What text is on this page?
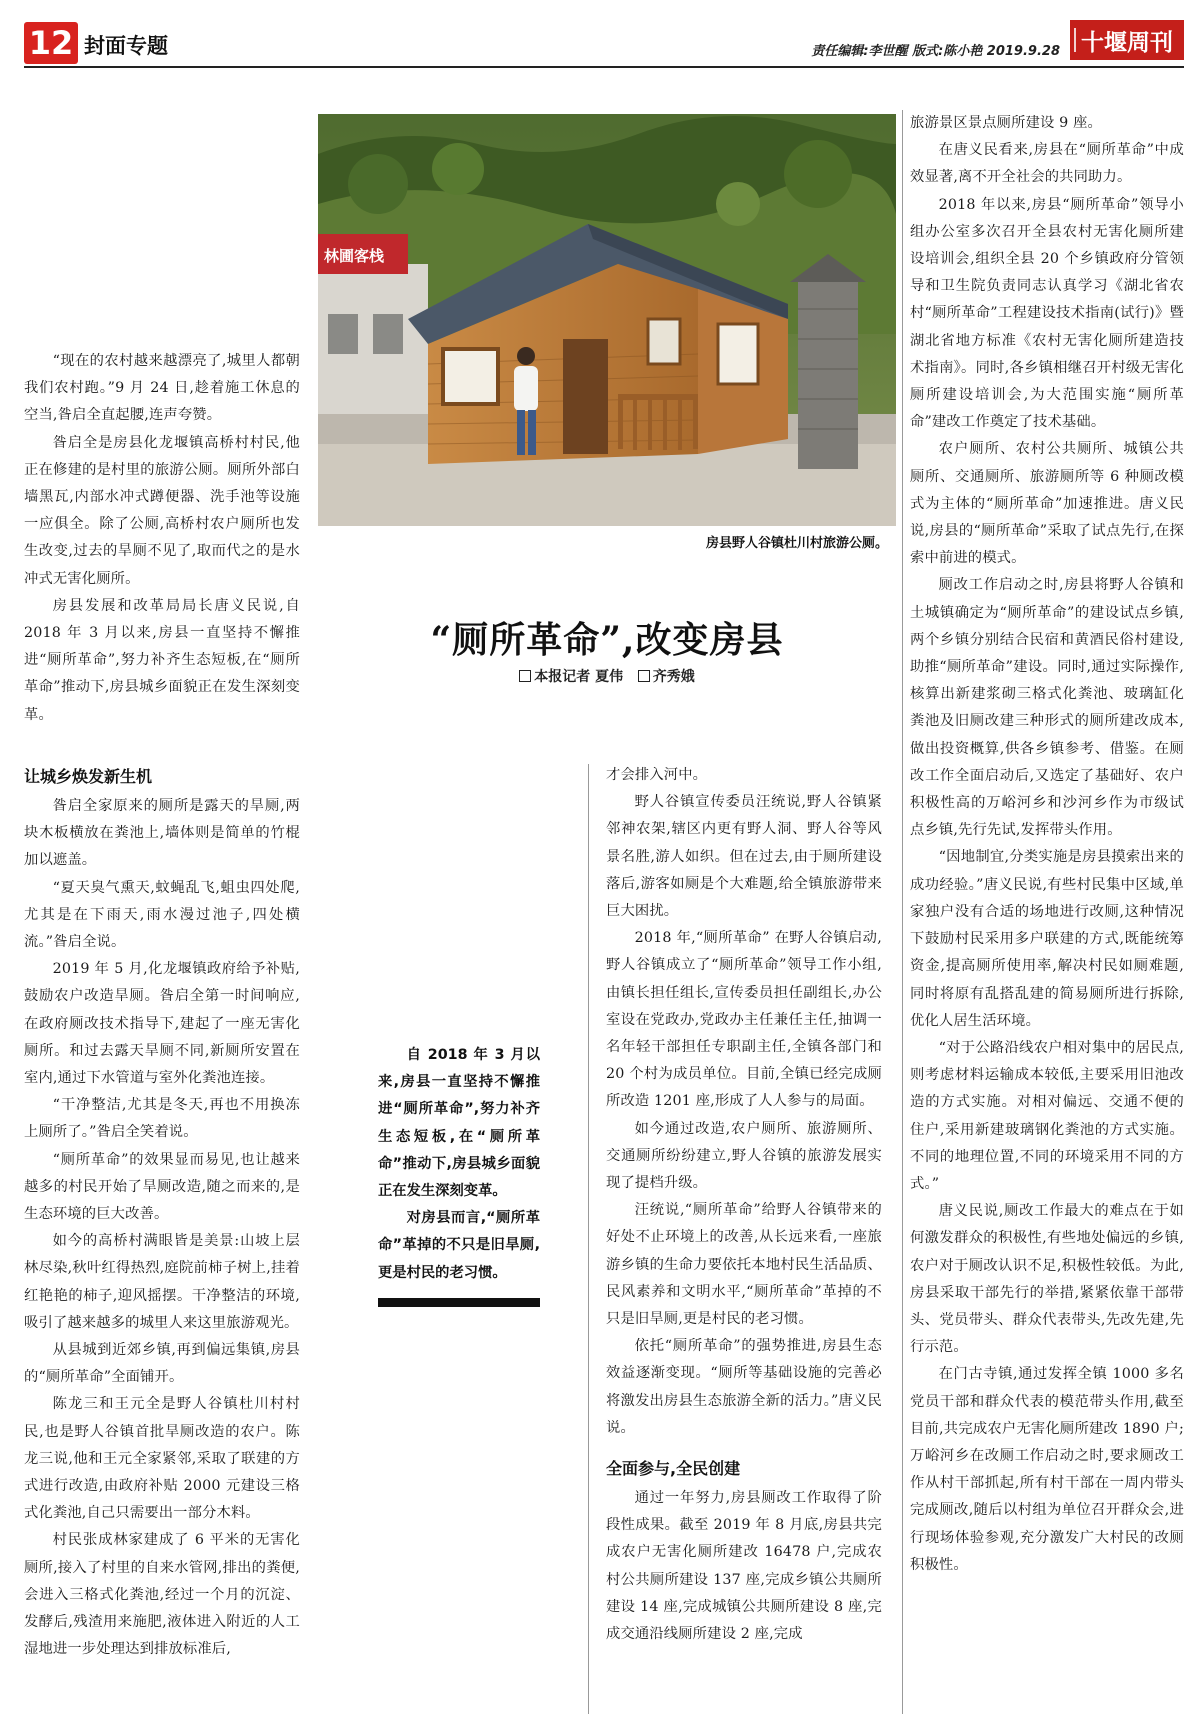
12 封面专题	责任编辑:李世醒 版式:陈小艳 2019.9.28 十堰周刊
林圃客栈
房县野人谷镇杜川村旅游公厕。
“厕所革命”,改变房县
本报记者 夏伟 齐秀娥

“现在的农村越来越漂亮了,城里人都朝我们农村跑。”9 月 24 日,趁着施工休息的空当,昝启全直起腰,连声夸赞。

昝启全是房县化龙堰镇高桥村村民,他正在修建的是村里的旅游公厕。厕所外部白墙黑瓦,内部水冲式蹲便器、洗手池等设施一应俱全。除了公厕,高桥村农户厕所也发生改变,过去的旱厕不见了,取而代之的是水冲式无害化厕所。

房县发展和改革局局长唐义民说,自 2018 年 3 月以来,房县一直坚持不懈推进“厕所革命”,努力补齐生态短板,在“厕所革命”推动下,房县城乡面貌正在发生深刻变革。

让城乡焕发新生机

昝启全家原来的厕所是露天的旱厕,两块木板横放在粪池上,墙体则是简单的竹棍加以遮盖。

“夏天臭气熏天,蚊蝇乱飞,蛆虫四处爬,尤其是在下雨天,雨水漫过池子,四处横流。”昝启全说。

2019 年 5 月,化龙堰镇政府给予补贴,鼓励农户改造旱厕。昝启全第一时间响应,在政府厕改技术指导下,建起了一座无害化厕所。和过去露天旱厕不同,新厕所安置在室内,通过下水管道与室外化粪池连接。

“干净整洁,尤其是冬天,再也不用换冻上厕所了。”昝启全笑着说。

“厕所革命”的效果显而易见,也让越来越多的村民开始了旱厕改造,随之而来的,是生态环境的巨大改善。

如今的高桥村满眼皆是美景:山坡上层林尽染,秋叶红得热烈,庭院前柿子树上,挂着红艳艳的柿子,迎风摇摆。干净整洁的环境,吸引了越来越多的城里人来这里旅游观光。

从县城到近郊乡镇,再到偏远集镇,房县的“厕所革命”全面铺开。

陈龙三和王元全是野人谷镇杜川村村民,也是野人谷镇首批旱厕改造的农户。陈龙三说,他和王元全家紧邻,采取了联建的方式进行改造,由政府补贴 2000 元建设三格式化粪池,自己只需要出一部分木料。

村民张成林家建成了 6 平米的无害化厕所,接入了村里的自来水管网,排出的粪便,会进入三格式化粪池,经过一个月的沉淀、发酵后,残渣用来施肥,液体进入附近的人工湿地进一步处理达到排放标准后,

自 2018 年 3 月以来,房县一直坚持不懈推进“厕所革命”,努力补齐生态短板,在“厕所革命”推动下,房县城乡面貌正在发生深刻变革。

对房县而言,“厕所革命”革掉的不只是旧旱厕,更是村民的老习惯。

才会排入河中。

野人谷镇宣传委员汪统说,野人谷镇紧邻神农架,辖区内更有野人洞、野人谷等风景名胜,游人如织。但在过去,由于厕所建设落后,游客如厕是个大难题,给全镇旅游带来巨大困扰。

2018 年,“厕所革命” 在野人谷镇启动,野人谷镇成立了“厕所革命”领导工作小组,由镇长担任组长,宣传委员担任副组长,办公室设在党政办,党政办主任兼任主任,抽调一名年轻干部担任专职副主任,全镇各部门和 20 个村为成员单位。目前,全镇已经完成厕所改造 1201 座,形成了人人参与的局面。

如今通过改造,农户厕所、旅游厕所、交通厕所纷纷建立,野人谷镇的旅游发展实现了提档升级。

汪统说,“厕所革命”给野人谷镇带来的好处不止环境上的改善,从长远来看,一座旅游乡镇的生命力要依托本地村民生活品质、民风素养和文明水平,“厕所革命”革掉的不只是旧旱厕,更是村民的老习惯。

依托“厕所革命”的强势推进,房县生态效益逐渐变现。“厕所等基础设施的完善必将激发出房县生态旅游全新的活力。”唐义民说。

全面参与,全民创建

通过一年努力,房县厕改工作取得了阶段性成果。截至 2019 年 8 月底,房县共完成农户无害化厕所建改 16478 户,完成农村公共厕所建设 137 座,完成乡镇公共厕所建设 14 座,完成城镇公共厕所建设 8 座,完成交通沿线厕所建设 2 座,完成

旅游景区景点厕所建设 9 座。

在唐义民看来,房县在“厕所革命”中成效显著,离不开全社会的共同助力。

2018 年以来,房县“厕所革命”领导小组办公室多次召开全县农村无害化厕所建设培训会,组织全县 20 个乡镇政府分管领导和卫生院负责同志认真学习《湖北省农村“厕所革命”工程建设技术指南(试行)》暨湖北省地方标准《农村无害化厕所建造技术指南》。同时,各乡镇相继召开村级无害化厕所建设培训会,为大范围实施“厕所革命”建改工作奠定了技术基础。

农户厕所、农村公共厕所、城镇公共厕所、交通厕所、旅游厕所等 6 种厕改模式为主体的“厕所革命”加速推进。唐义民说,房县的“厕所革命”采取了试点先行,在探索中前进的模式。

厕改工作启动之时,房县将野人谷镇和土城镇确定为“厕所革命”的建设试点乡镇,两个乡镇分别结合民宿和黄酒民俗村建设,助推“厕所革命”建设。同时,通过实际操作,核算出新建浆砌三格式化粪池、玻璃缸化粪池及旧厕改建三种形式的厕所建改成本,做出投资概算,供各乡镇参考、借鉴。在厕改工作全面启动后,又选定了基础好、农户积极性高的万峪河乡和沙河乡作为市级试点乡镇,先行先试,发挥带头作用。

“因地制宜,分类实施是房县摸索出来的成功经验。”唐义民说,有些村民集中区域,单家独户没有合适的场地进行改厕,这种情况下鼓励村民采用多户联建的方式,既能统筹资金,提高厕所使用率,解决村民如厕难题,同时将原有乱搭乱建的简易厕所进行拆除,优化人居生活环境。

“对于公路沿线农户相对集中的居民点,则考虑材料运输成本较低,主要采用旧池改造的方式实施。对相对偏远、交通不便的住户,采用新建玻璃钢化粪池的方式实施。不同的地理位置,不同的环境采用不同的方式。”

唐义民说,厕改工作最大的难点在于如何激发群众的积极性,有些地处偏远的乡镇,农户对于厕改认识不足,积极性较低。为此,房县采取干部先行的举措,紧紧依靠干部带头、党员带头、群众代表带头,先改先建,先行示范。

在门古寺镇,通过发挥全镇 1000 多名党员干部和群众代表的模范带头作用,截至目前,共完成农户无害化厕所建改 1890 户;万峪河乡在改厕工作启动之时,要求厕改工作从村干部抓起,所有村干部在一周内带头完成厕改,随后以村组为单位召开群众会,进行现场体验参观,充分激发广大村民的改厕积极性。
